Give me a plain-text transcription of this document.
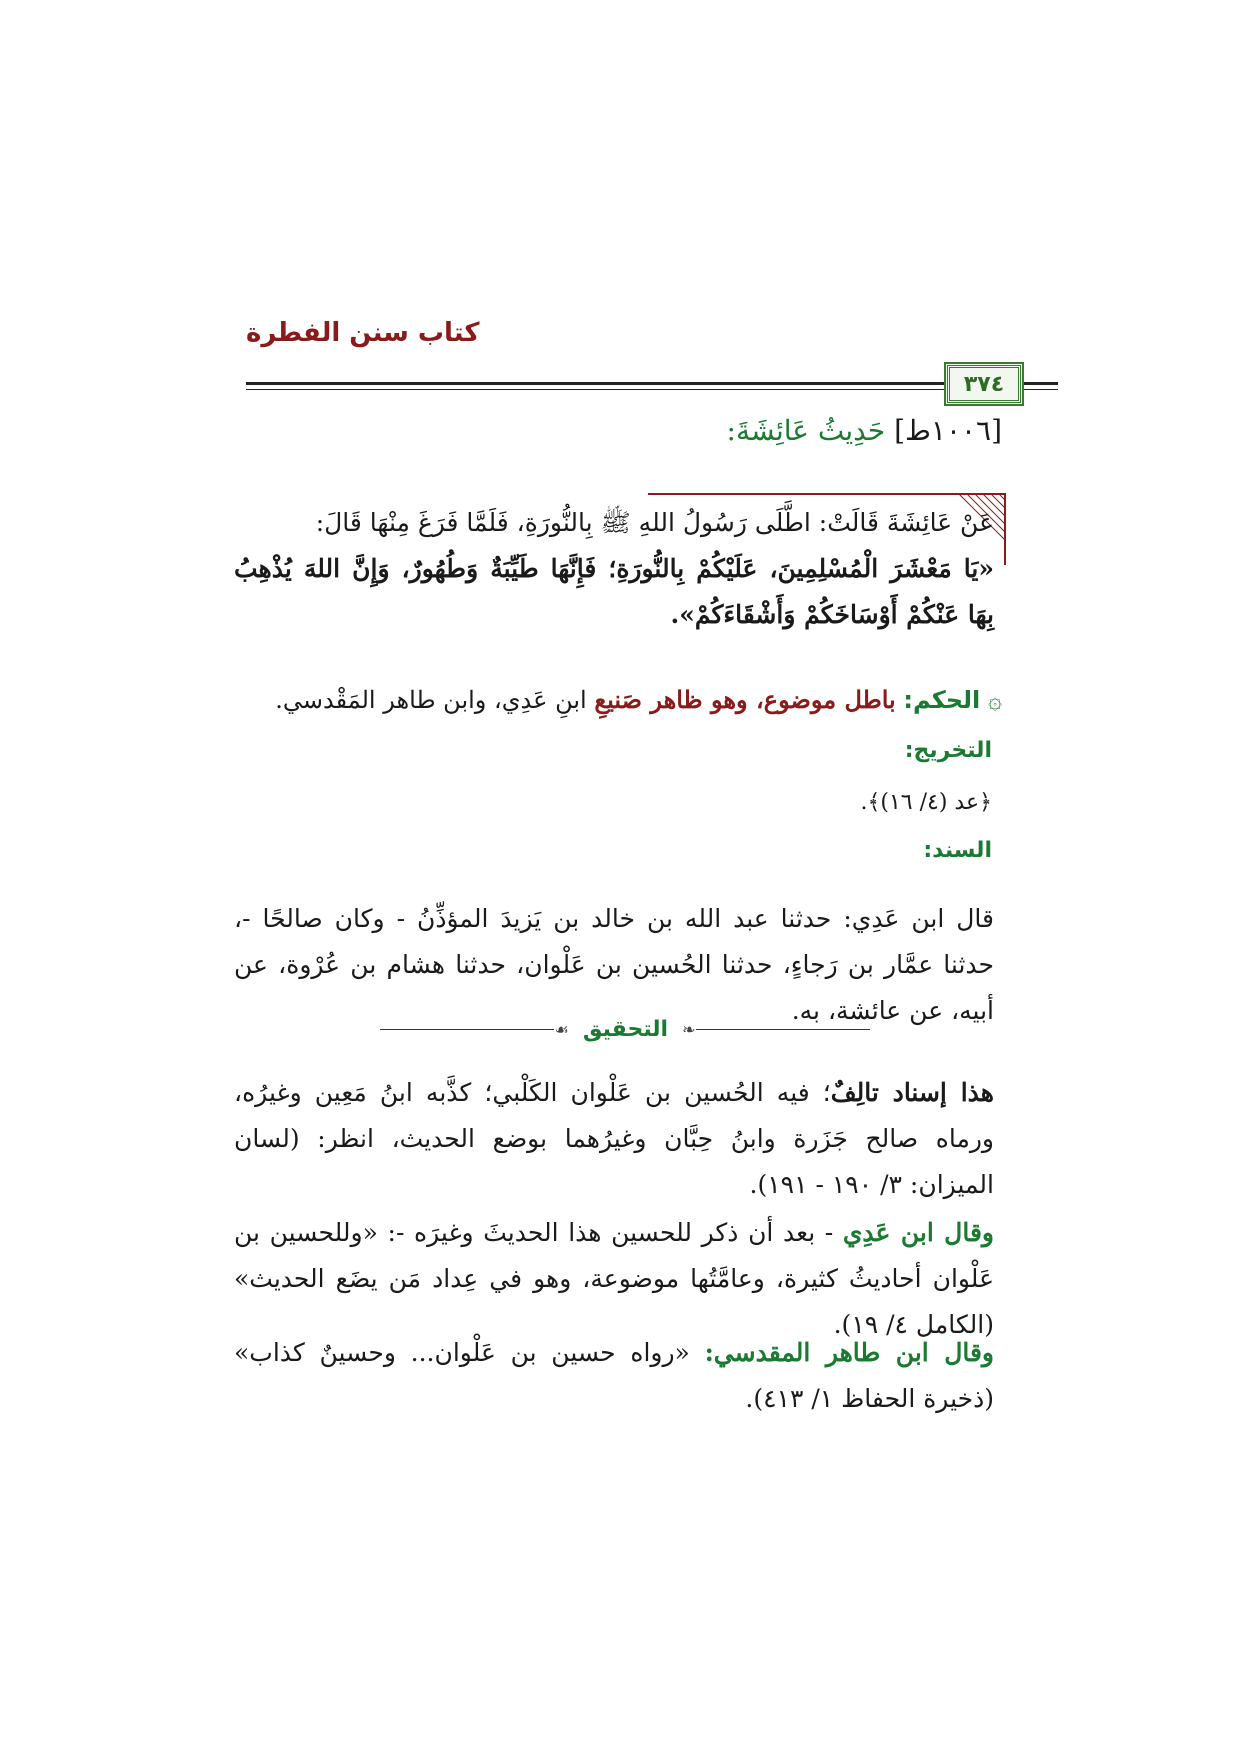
كتاب سنن الفطرة
٣٧٤
[١٠٠٦ط] حَدِيثُ عَائِشَةَ:
عَنْ عَائِشَةَ قَالَتْ: اطَّلَى رَسُولُ اللهِ ﷺ بِالنُّورَةِ، فَلَمَّا فَرَغَ مِنْهَا قَالَ:
«يَا مَعْشَرَ الْمُسْلِمِينَ، عَلَيْكُمْ بِالنُّورَةِ؛ فَإِنَّهَا طَيِّبَةٌ وَطُهُورٌ، وَإِنَّ اللهَ يُذْهِبُ بِهَا عَنْكُمْ أَوْسَاخَكُمْ وَأَشْقَاءَكُمْ».
۞ الحكم: باطل موضوع، وهو ظاهر صَنيعِ ابنِ عَدِي، وابن طاهر المَقْدسي.
التخريج:
﴿عد (٤/ ١٦)﴾.
السند:
قال ابن عَدِي: حدثنا عبد الله بن خالد بن يَزيدَ المؤذِّنُ - وكان صالحًا -، حدثنا عمَّار بن رَجاءٍ، حدثنا الحُسين بن عَلْوان، حدثنا هشام بن عُرْوة، عن أبيه، عن عائشة، به.
❧
التحقيق
☙
هذا إسناد تالِفٌ؛ فيه الحُسين بن عَلْوان الكَلْبي؛ كذَّبه ابنُ مَعِين وغيرُه، ورماه صالح جَزَرة وابنُ حِبَّان وغيرُهما بوضع الحديث، انظر: (لسان الميزان: ٣/ ١٩٠ - ١٩١).
وقال ابن عَدِي - بعد أن ذكر للحسين هذا الحديثَ وغيرَه -: «وللحسين بن عَلْوان أحاديثُ كثيرة، وعامَّتُها موضوعة، وهو في عِداد مَن يضَع الحديث» (الكامل ٤/ ١٩).
وقال ابن طاهر المقدسي: «رواه حسين بن عَلْوان... وحسينٌ كذاب» (ذخيرة الحفاظ ١/ ٤١٣).
